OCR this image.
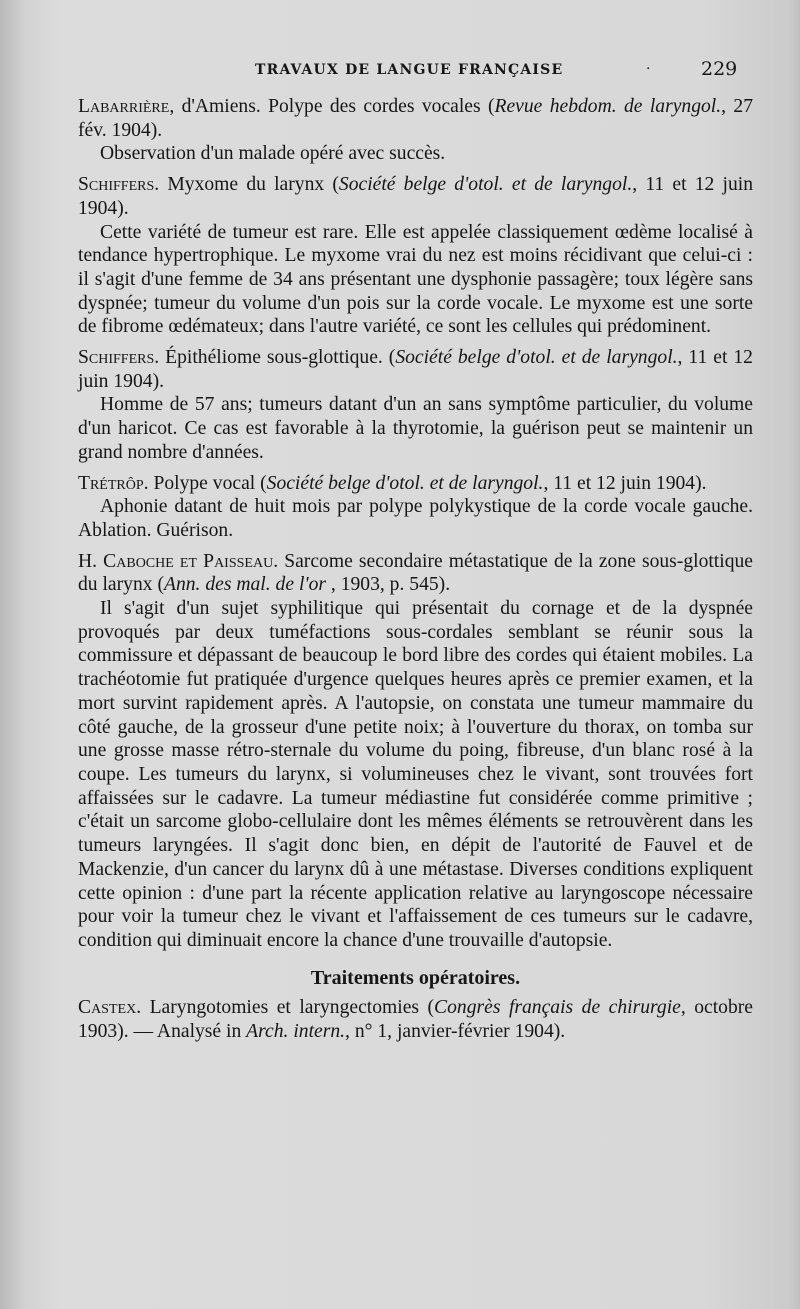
TRAVAUX DE LANGUE FRANÇAISE	·	229

Labarrière, d'Amiens. Polype des cordes vocales (Revue hebdom. de laryngol., 27 fév. 1904).

Observation d'un malade opéré avec succès.

Schiffers. Myxome du larynx (Société belge d'otol. et de laryngol., 11 et 12 juin 1904).

Cette variété de tumeur est rare. Elle est appelée classiquement œdème localisé à tendance hypertrophique. Le myxome vrai du nez est moins récidivant que celui-ci : il s'agit d'une femme de 34 ans présentant une dysphonie passagère; toux légère sans dyspnée; tumeur du volume d'un pois sur la corde vocale. Le myxome est une sorte de fibrome œdémateux; dans l'autre variété, ce sont les cellules qui prédominent.

Schiffers. Épithéliome sous-glottique. (Société belge d'otol. et de laryngol., 11 et 12 juin 1904).

Homme de 57 ans; tumeurs datant d'un an sans symptôme particulier, du volume d'un haricot. Ce cas est favorable à la thyrotomie, la guérison peut se maintenir un grand nombre d'années.

Trétrôp. Polype vocal (Société belge d'otol. et de laryngol., 11 et 12 juin 1904).

Aphonie datant de huit mois par polype polykystique de la corde vocale gauche. Ablation. Guérison.

H. Caboche et Paisseau. Sarcome secondaire métastatique de la zone sous-glottique du larynx (Ann. des mal. de l'or , 1903, p. 545).

Il s'agit d'un sujet syphilitique qui présentait du cornage et de la dyspnée provoqués par deux tuméfactions sous-cordales semblant se réunir sous la commissure et dépassant de beaucoup le bord libre des cordes qui étaient mobiles. La trachéotomie fut pratiquée d'urgence quelques heures après ce premier examen, et la mort survint rapidement après. A l'autopsie, on constata une tumeur mammaire du côté gauche, de la grosseur d'une petite noix; à l'ouverture du thorax, on tomba sur une grosse masse rétro-sternale du volume du poing, fibreuse, d'un blanc rosé à la coupe. Les tumeurs du larynx, si volumineuses chez le vivant, sont trouvées fort affaissées sur le cadavre. La tumeur médiastine fut considérée comme primitive ; c'était un sarcome globo-cellulaire dont les mêmes éléments se retrouvèrent dans les tumeurs laryngées. Il s'agit donc bien, en dépit de l'autorité de Fauvel et de Mackenzie, d'un cancer du larynx dû à une métastase. Diverses conditions expliquent cette opinion : d'une part la récente application relative au laryngoscope nécessaire pour voir la tumeur chez le vivant et l'affaissement de ces tumeurs sur le cadavre, condition qui diminuait encore la chance d'une trouvaille d'autopsie.

Traitements opératoires.

Castex. Laryngotomies et laryngectomies (Congrès français de chirurgie, octobre 1903). — Analysé in Arch. intern., n° 1, janvier-février 1904).
